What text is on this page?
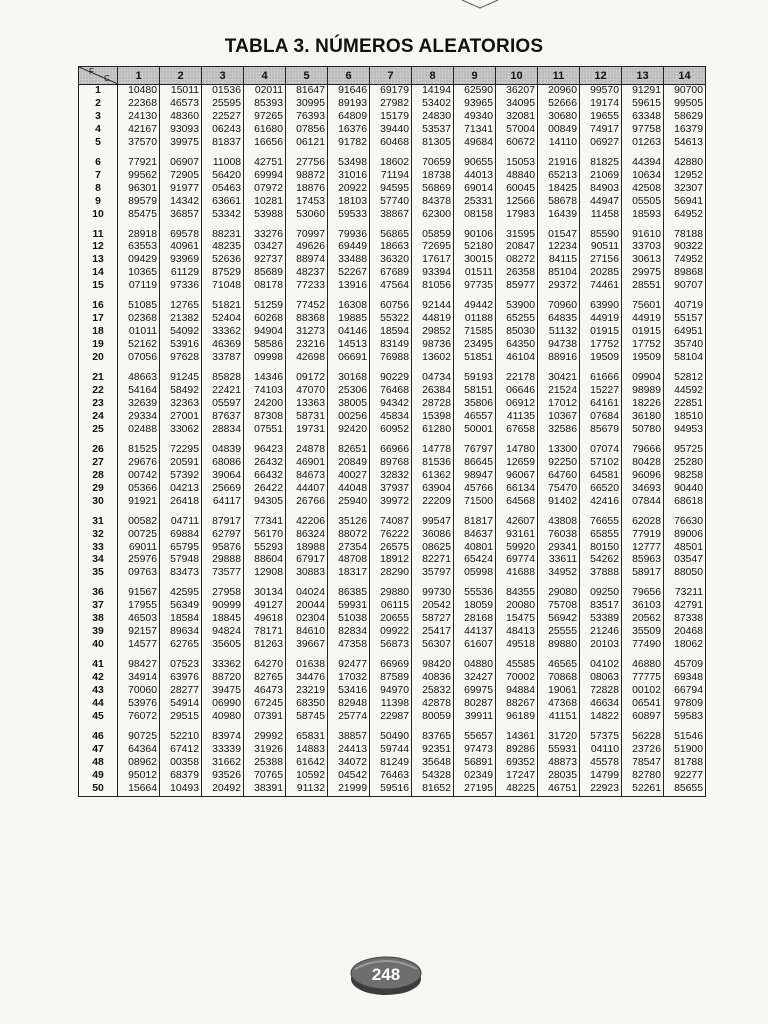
TABLA 3. NÚMEROS ALEATORIOS
F
C	1	2	3	4	5	6	7	8	9	10	11	12	13	14
1	10480	15011	01536	02011	81647	91646	69179	14194	62590	36207	20960	99570	91291	90700
2	22368	46573	25595	85393	30995	89193	27982	53402	93965	34095	52666	19174	59615	99505
3	24130	48360	22527	97265	76393	64809	15179	24830	49340	32081	30680	19655	63348	58629
4	42167	93093	06243	61680	07856	16376	39440	53537	71341	57004	00849	74917	97758	16379
5	37570	39975	81837	16656	06121	91782	60468	81305	49684	60672	14110	06927	01263	54613

6	77921	06907	11008	42751	27756	53498	18602	70659	90655	15053	21916	81825	44394	42880
7	99562	72905	56420	69994	98872	31016	71194	18738	44013	48840	65213	21069	10634	12952
8	96301	91977	05463	07972	18876	20922	94595	56869	69014	60045	18425	84903	42508	32307
9	89579	14342	63661	10281	17453	18103	57740	84378	25331	12566	58678	44947	05505	56941
10	85475	36857	53342	53988	53060	59533	38867	62300	08158	17983	16439	11458	18593	64952

11	28918	69578	88231	33276	70997	79936	56865	05859	90106	31595	01547	85590	91610	78188
12	63553	40961	48235	03427	49626	69449	18663	72695	52180	20847	12234	90511	33703	90322
13	09429	93969	52636	92737	88974	33488	36320	17617	30015	08272	84115	27156	30613	74952
14	10365	61129	87529	85689	48237	52267	67689	93394	01511	26358	85104	20285	29975	89868
15	07119	97336	71048	08178	77233	13916	47564	81056	97735	85977	29372	74461	28551	90707

16	51085	12765	51821	51259	77452	16308	60756	92144	49442	53900	70960	63990	75601	40719
17	02368	21382	52404	60268	88368	19885	55322	44819	01188	65255	64835	44919	44919	55157
18	01011	54092	33362	94904	31273	04146	18594	29852	71585	85030	51132	01915	01915	64951
19	52162	53916	46369	58586	23216	14513	83149	98736	23495	64350	94738	17752	17752	35740
20	07056	97628	33787	09998	42698	06691	76988	13602	51851	46104	88916	19509	19509	58104

21	48663	91245	85828	14346	09172	30168	90229	04734	59193	22178	30421	61666	09904	52812
22	54164	58492	22421	74103	47070	25306	76468	26384	58151	06646	21524	15227	98989	44592
23	32639	32363	05597	24200	13363	38005	94342	28728	35806	06912	17012	64161	18226	22851
24	29334	27001	87637	87308	58731	00256	45834	15398	46557	41135	10367	07684	36180	18510
25	02488	33062	28834	07551	19731	92420	60952	61280	50001	67658	32586	85679	50780	94953

26	81525	72295	04839	96423	24878	82651	66966	14778	76797	14780	13300	07074	79666	95725
27	29676	20591	68086	26432	46901	20849	89768	81536	86645	12659	92250	57102	80428	25280
28	00742	57392	39064	66432	84673	40027	32832	61362	98947	96067	64760	64581	96096	98258
29	05366	04213	25669	26422	44407	44048	37937	63904	45766	66134	75470	66520	34693	90440
30	91921	26418	64117	94305	26766	25940	39972	22209	71500	64568	91402	42416	07844	68618

31	00582	04711	87917	77341	42206	35126	74087	99547	81817	42607	43808	76655	62028	76630
32	00725	69884	62797	56170	86324	88072	76222	36086	84637	93161	76038	65855	77919	89006
33	69011	65795	95876	55293	18988	27354	26575	08625	40801	59920	29341	80150	12777	48501
34	25976	57948	29888	88604	67917	48708	18912	82271	65424	69774	33611	54262	85963	03547
35	09763	83473	73577	12908	30883	18317	28290	35797	05998	41688	34952	37888	58917	88050

36	91567	42595	27958	30134	04024	86385	29880	99730	55536	84355	29080	09250	79656	73211
37	17955	56349	90999	49127	20044	59931	06115	20542	18059	20080	75708	83517	36103	42791
38	46503	18584	18845	49618	02304	51038	20655	58727	28168	15475	56942	53389	20562	87338
39	92157	89634	94824	78171	84610	82834	09922	25417	44137	48413	25555	21246	35509	20468
40	14577	62765	35605	81263	39667	47358	56873	56307	61607	49518	89880	20103	77490	18062

41	98427	07523	33362	64270	01638	92477	66969	98420	04880	45585	46565	04102	46880	45709
42	34914	63976	88720	82765	34476	17032	87589	40836	32427	70002	70868	08063	77775	69348
43	70060	28277	39475	46473	23219	53416	94970	25832	69975	94884	19061	72828	00102	66794
44	53976	54914	06990	67245	68350	82948	11398	42878	80287	88267	47368	46634	06541	97809
45	76072	29515	40980	07391	58745	25774	22987	80059	39911	96189	41151	14822	60897	59583

46	90725	52210	83974	29992	65831	38857	50490	83765	55657	14361	31720	57375	56228	51546
47	64364	67412	33339	31926	14883	24413	59744	92351	97473	89286	55931	04110	23726	51900
48	08962	00358	31662	25388	61642	34072	81249	35648	56891	69352	48873	45578	78547	81788
49	95012	68379	93526	70765	10592	04542	76463	54328	02349	17247	28035	14799	82780	92277
50	15664	10493	20492	38391	91132	21999	59516	81652	27195	48225	46751	22923	52261	85655
248
